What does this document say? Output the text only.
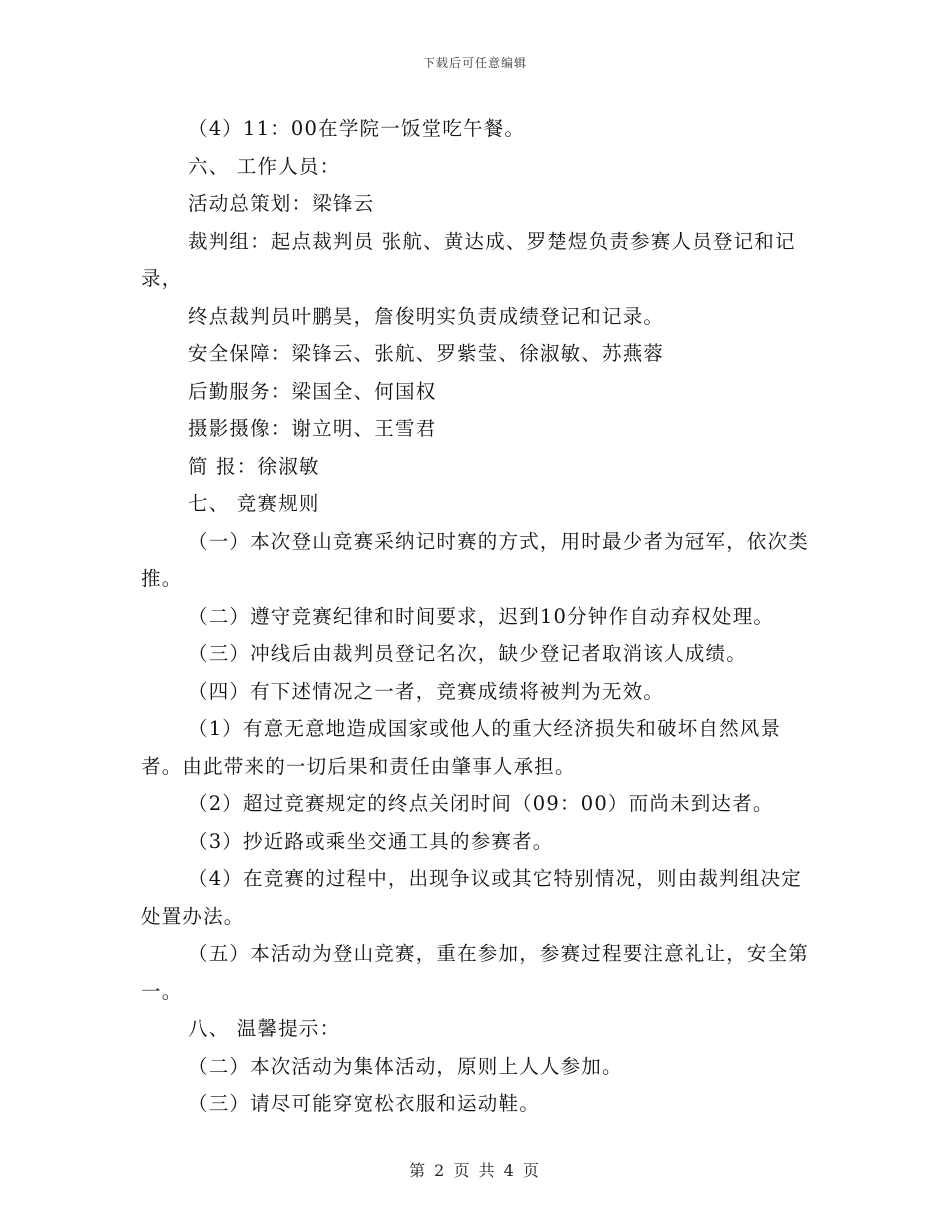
下载后可任意编辑

（4）11：00在学院一饭堂吃午餐。

六、 工作人员：

活动总策划：梁锋云

裁判组：起点裁判员 张航、黄达成、罗楚煜负责参赛人员登记和记录，

终点裁判员叶鹏昊，詹俊明实负责成绩登记和记录。

安全保障：梁锋云、张航、罗紫莹、徐淑敏、苏燕蓉

后勤服务：梁国全、何国权

摄影摄像：谢立明、王雪君

简 报：徐淑敏

七、 竞赛规则

（一）本次登山竞赛采纳记时赛的方式，用时最少者为冠军，依次类推。

（二）遵守竞赛纪律和时间要求，迟到10分钟作自动弃权处理。

（三）冲线后由裁判员登记名次，缺少登记者取消该人成绩。

（四）有下述情况之一者，竞赛成绩将被判为无效。

（1）有意无意地造成国家或他人的重大经济损失和破坏自然风景者。由此带来的一切后果和责任由肇事人承担。

（2）超过竞赛规定的终点关闭时间（09：00）而尚未到达者。

（3）抄近路或乘坐交通工具的参赛者。

（4）在竞赛的过程中，出现争议或其它特别情况，则由裁判组决定处置办法。

（五）本活动为登山竞赛，重在参加，参赛过程要注意礼让，安全第一。

八、 温馨提示：

（二）本次活动为集体活动，原则上人人参加。

（三）请尽可能穿宽松衣服和运动鞋。

第 2 页 共 4 页
